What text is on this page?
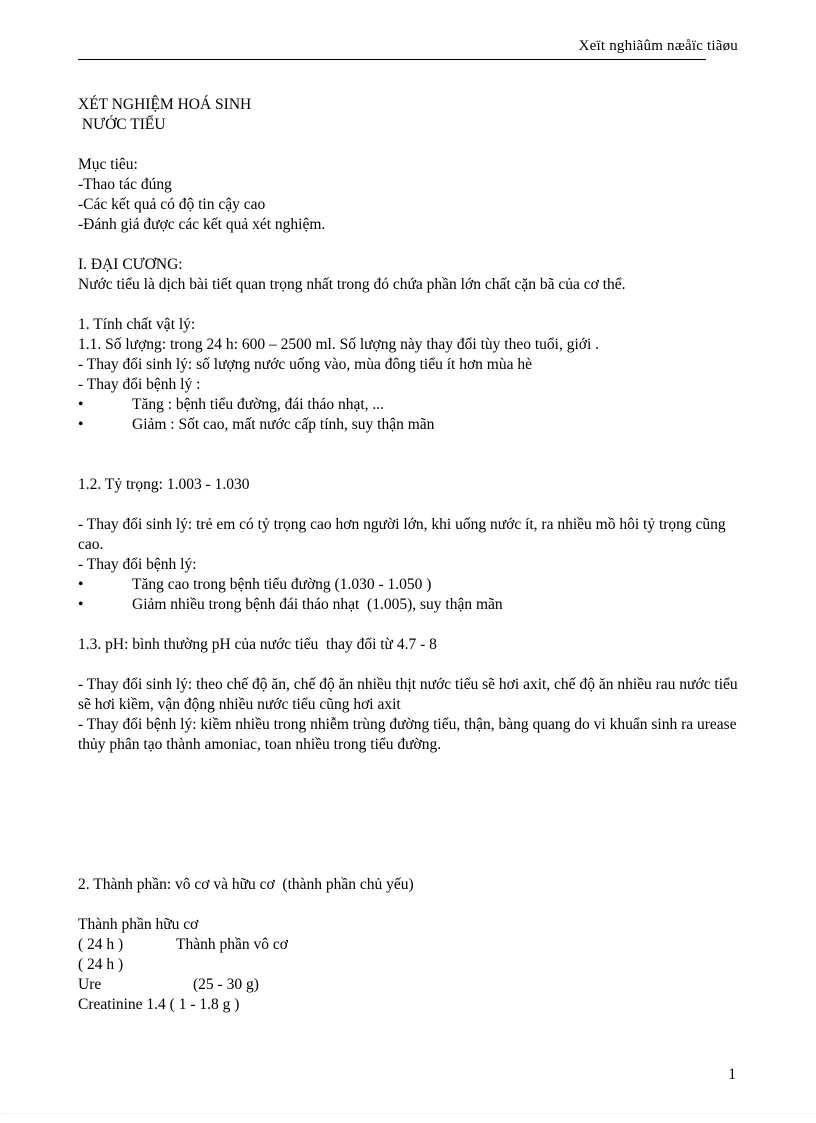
Xeït nghiãûm næåïc tiãøu
XÉT NGHIỆM HOÁ SINH
NƯỚC TIỂU
Mục tiêu:
-Thao tác đúng
-Các kết quả có độ tin cậy cao
-Đánh giá được các kết quả xét nghiệm.
I. ĐẠI CƯƠNG:
Nước tiểu là dịch bài tiết quan trọng nhất trong đó chứa phần lớn chất cặn bã của cơ thể.
1. Tính chất vật lý:
1.1. Số lượng: trong 24 h: 600 – 2500 ml. Số lượng này thay đổi tùy theo tuổi, giới .
- Thay đổi sinh lý: số lượng nước uống vào, mùa đông tiểu ít hơn mùa hè
- Thay đổi bệnh lý :
•	Tăng : bệnh tiểu đường, đái tháo nhạt, ...
•	Giảm : Sốt cao, mất nước cấp tính, suy thận mãn
1.2. Tỷ trọng: 1.003 - 1.030
- Thay đổi sinh lý: trẻ em có tỷ trọng cao hơn người lớn, khi uống nước ít, ra nhiều mồ hôi tỷ trọng cũng cao.
- Thay đổi bệnh lý:
•	Tăng cao trong bệnh tiểu đường (1.030 - 1.050 )
•	Giảm nhiều trong bệnh đái tháo nhạt  (1.005), suy thận mãn
1.3. pH: bình thường pH của nước tiểu  thay đổi từ 4.7 - 8
- Thay đổi sinh lý: theo chế độ ăn, chế độ ăn nhiều thịt nước tiểu sẽ hơi axit, chế độ ăn nhiều rau nước tiểu sẽ hơi kiềm, vận động nhiều nước tiểu cũng hơi axit
- Thay đổi bệnh lý: kiềm nhiều trong nhiễm trùng đường tiểu, thận, bàng quang do vi khuẩn sinh ra urease thủy phân tạo thành amoniac, toan nhiều trong tiểu đường.
2. Thành phần: vô cơ và hữu cơ  (thành phần chủ yếu)
Thành phần hữu cơ
( 24 h )	Thành phần vô cơ
( 24 h )
Ure	(25 - 30 g)
Creatinine 1.4 ( 1 - 1.8 g )
1
